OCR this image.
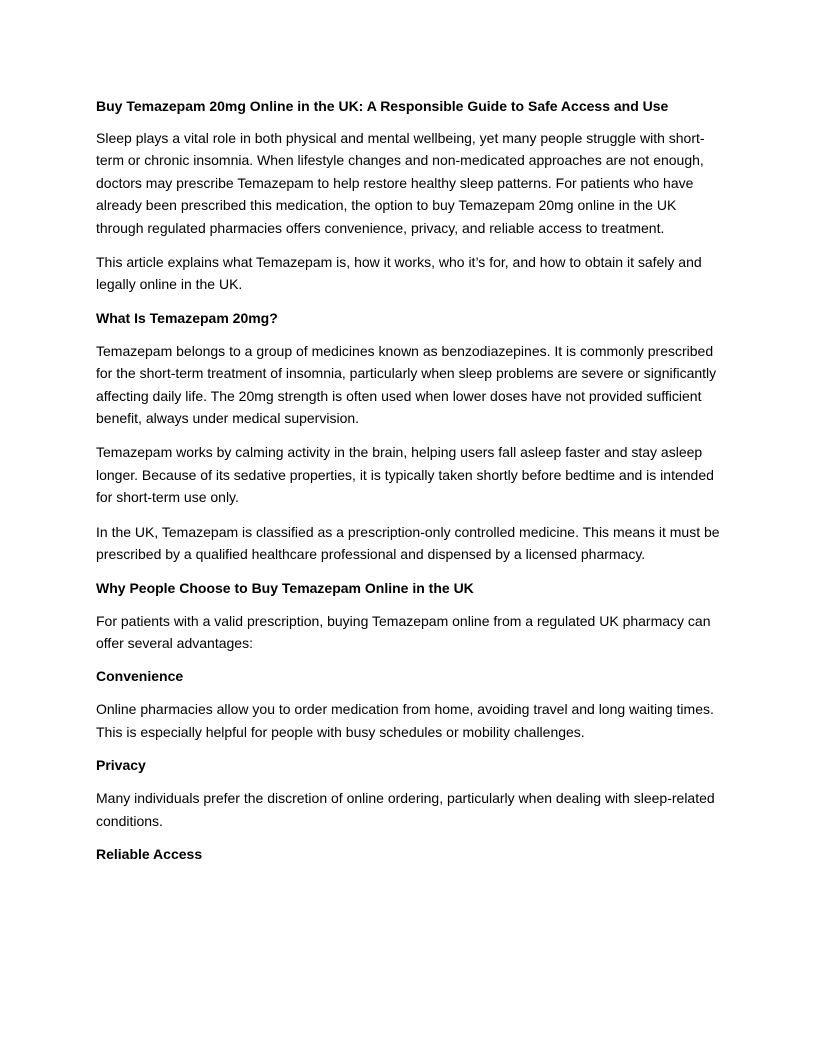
Buy Temazepam 20mg Online in the UK: A Responsible Guide to Safe Access and Use

Sleep plays a vital role in both physical and mental wellbeing, yet many people struggle with short-term or chronic insomnia. When lifestyle changes and non-medicated approaches are not enough, doctors may prescribe Temazepam to help restore healthy sleep patterns. For patients who have already been prescribed this medication, the option to buy Temazepam 20mg online in the UK through regulated pharmacies offers convenience, privacy, and reliable access to treatment.

This article explains what Temazepam is, how it works, who it’s for, and how to obtain it safely and legally online in the UK.

What Is Temazepam 20mg?

Temazepam belongs to a group of medicines known as benzodiazepines. It is commonly prescribed for the short-term treatment of insomnia, particularly when sleep problems are severe or significantly affecting daily life. The 20mg strength is often used when lower doses have not provided sufficient benefit, always under medical supervision.

Temazepam works by calming activity in the brain, helping users fall asleep faster and stay asleep longer. Because of its sedative properties, it is typically taken shortly before bedtime and is intended for short-term use only.

In the UK, Temazepam is classified as a prescription-only controlled medicine. This means it must be prescribed by a qualified healthcare professional and dispensed by a licensed pharmacy.

Why People Choose to Buy Temazepam Online in the UK

For patients with a valid prescription, buying Temazepam online from a regulated UK pharmacy can offer several advantages:

Convenience

Online pharmacies allow you to order medication from home, avoiding travel and long waiting times. This is especially helpful for people with busy schedules or mobility challenges.

Privacy

Many individuals prefer the discretion of online ordering, particularly when dealing with sleep-related conditions.

Reliable Access
